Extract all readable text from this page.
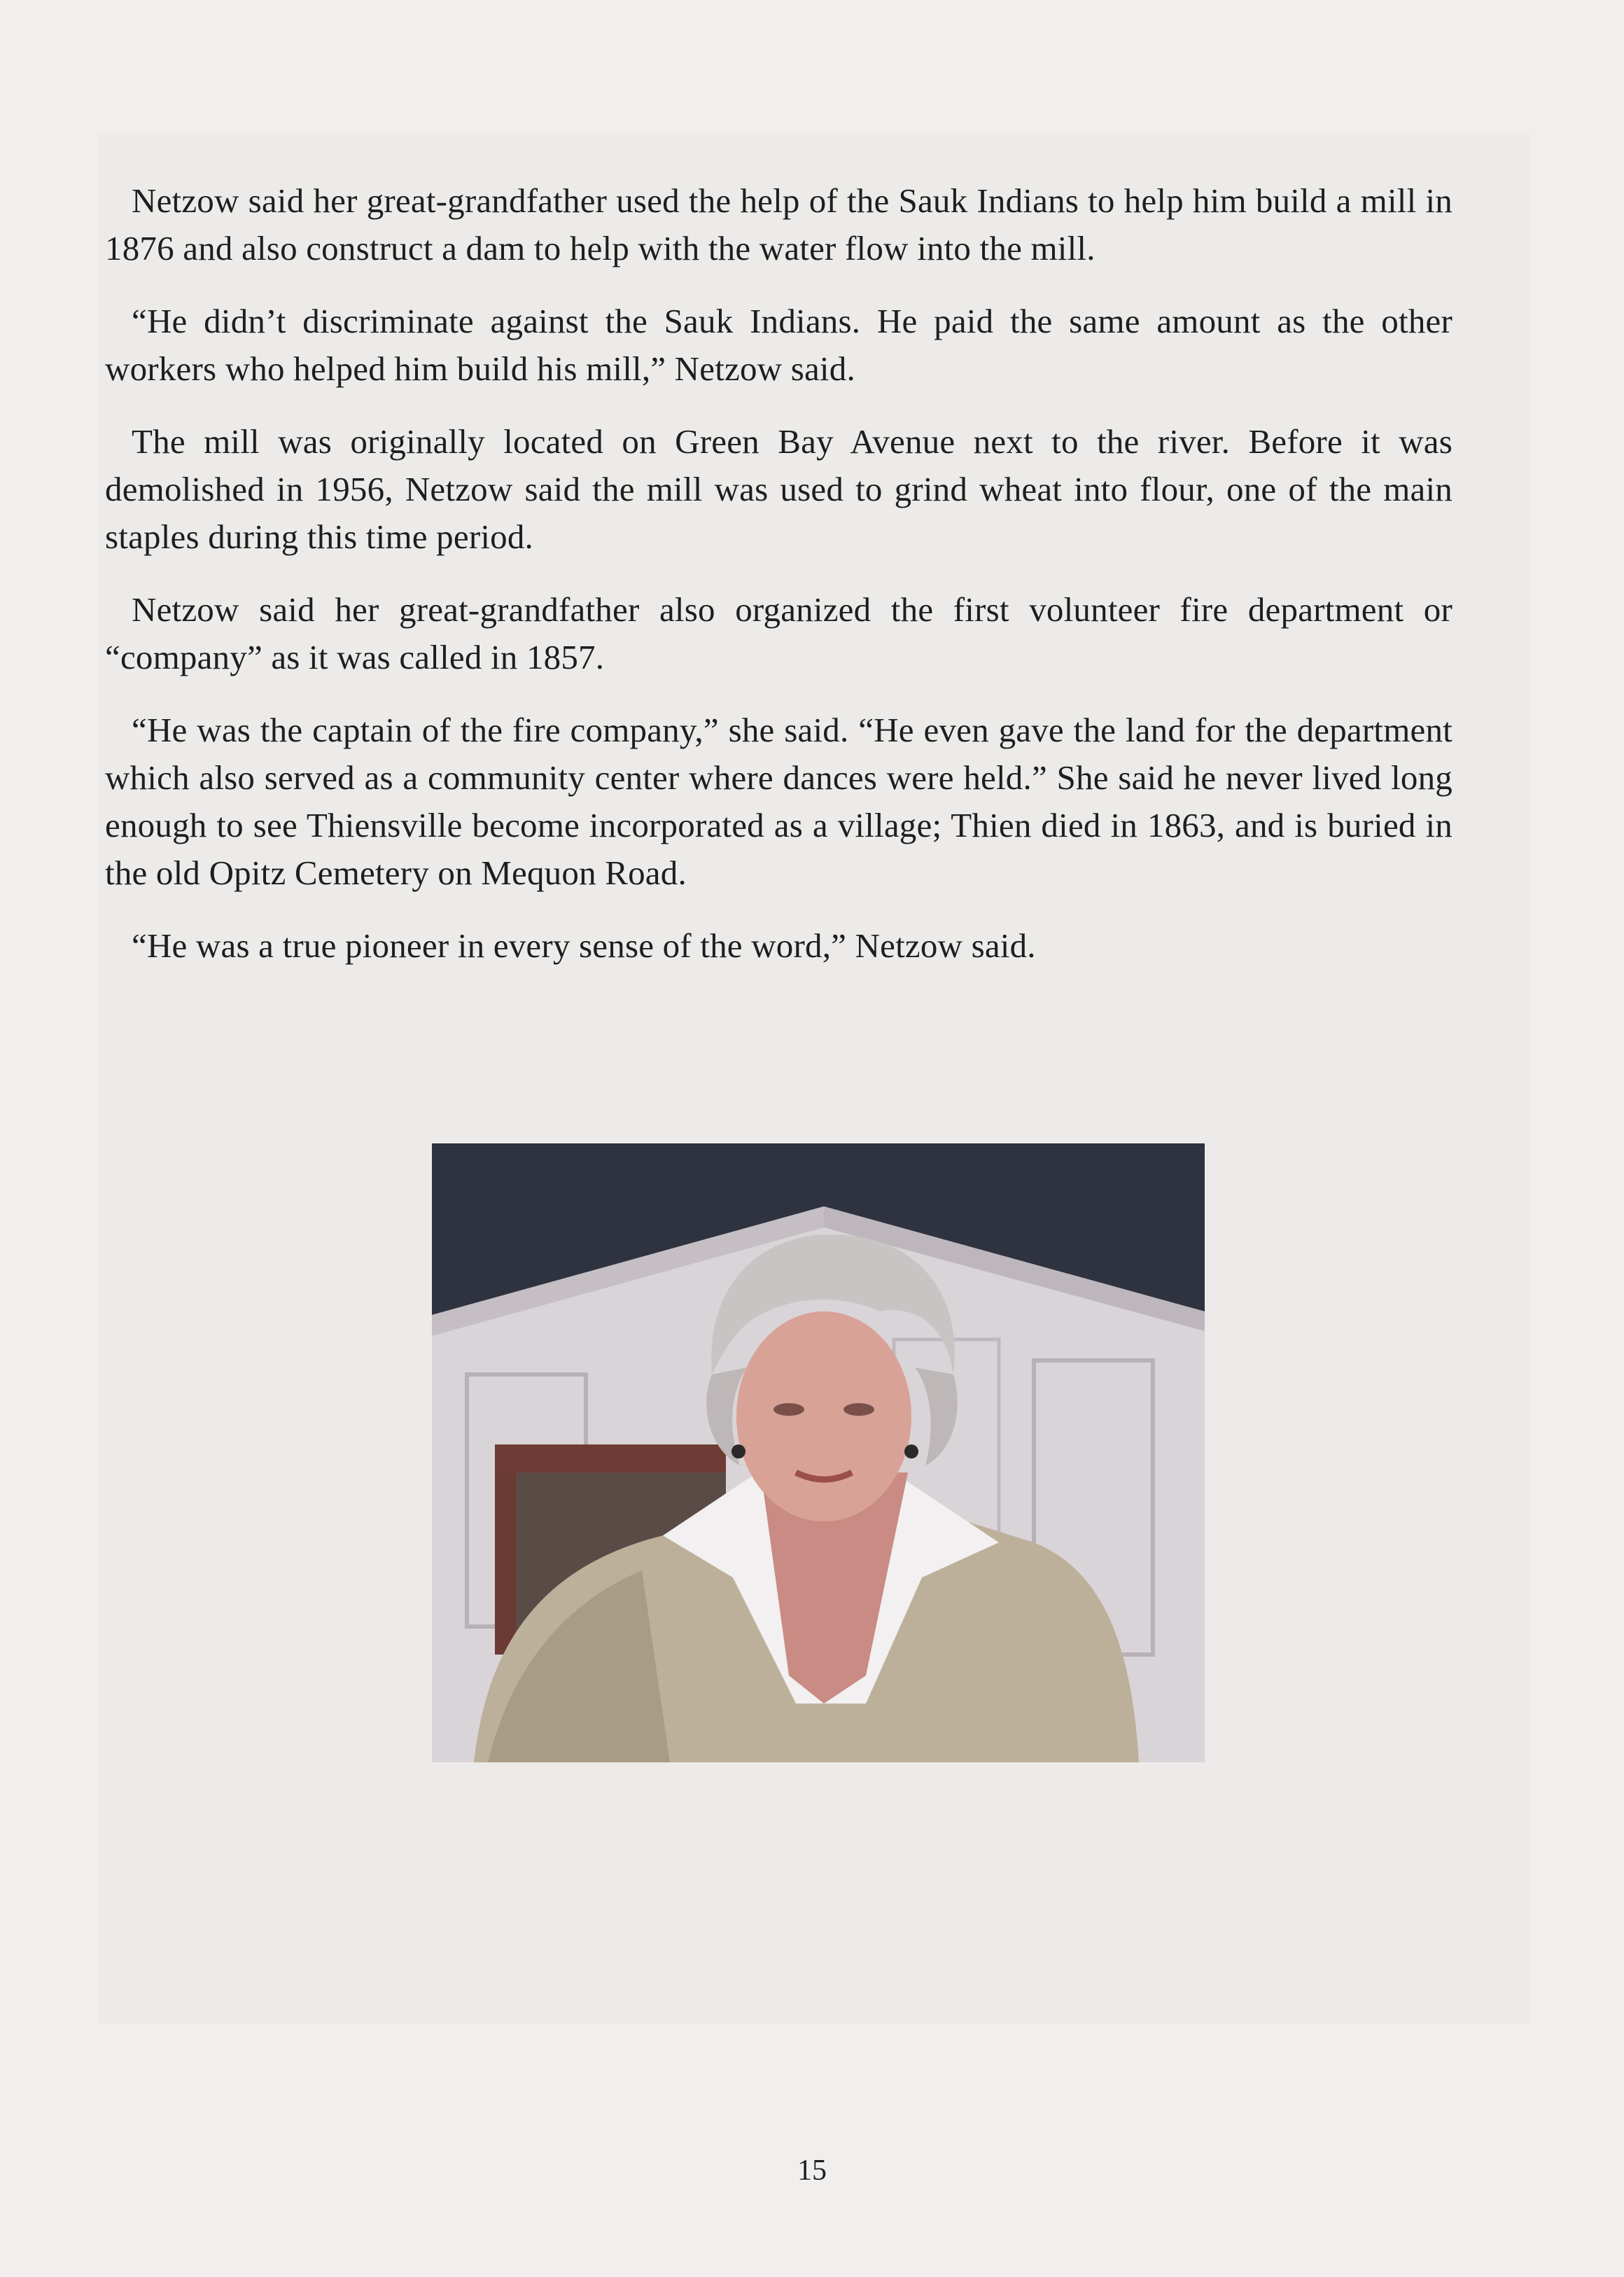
Netzow said her great-grandfather used the help of the Sauk Indians to help him build a mill in 1876 and also construct a dam to help with the water flow into the mill.

“He didn’t discriminate against the Sauk Indians. He paid the same amount as the other workers who helped him build his mill,” Netzow said.

The mill was originally located on Green Bay Avenue next to the river. Before it was demolished in 1956, Netzow said the mill was used to grind wheat into flour, one of the main staples during this time period.

Netzow said her great-grandfather also organized the first volunteer fire department or “company” as it was called in 1857.

“He was the captain of the fire company,” she said. “He even gave the land for the department which also served as a community center where dances were held.” She said he never lived long enough to see Thiensville become incorporated as a village; Thien died in 1863, and is buried in the old Opitz Cemetery on Mequon Road.

“He was a true pioneer in every sense of the word,” Netzow said.

15
